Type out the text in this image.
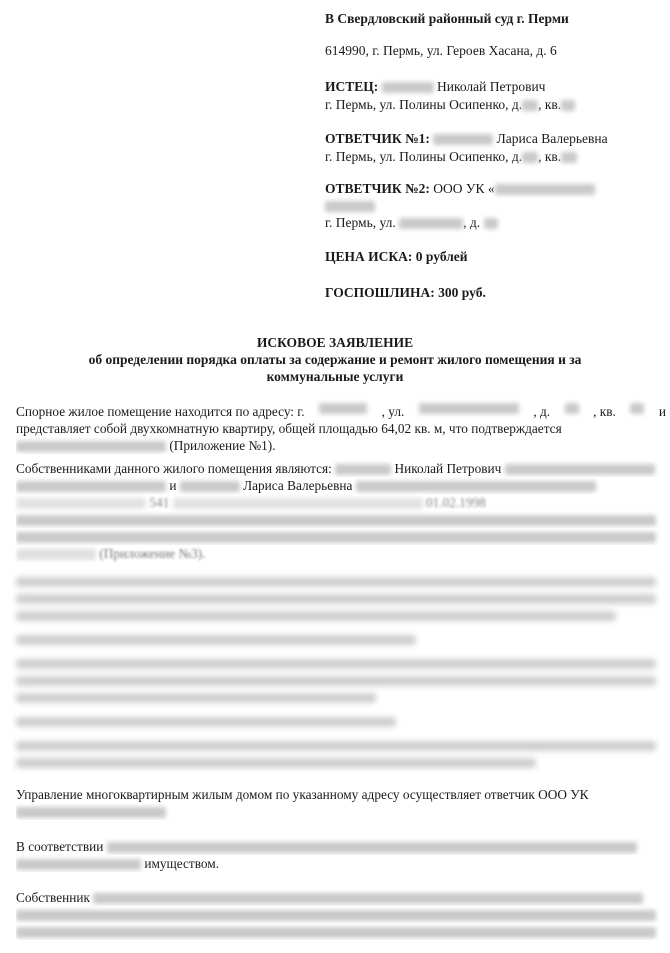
В Свердловский районный суд г. Перми
614990, г. Пермь, ул. Героев Хасана, д. 6
ИСТЕЦ:	Николай Петрович
г. Пермь, ул. Полины Осипенко, д. , кв.
ОТВЕТЧИК №1:	Лариса Валерьевна
г. Пермь, ул. Полины Осипенко, д. , кв.
ОТВЕТЧИК №2: ООО УК «
г. Пермь, ул.	, д.
ЦЕНА ИСКА: 0 рублей
ГОСПОШЛИНА: 300 руб.
ИСКОВОЕ ЗАЯВЛЕНИЕ
об определении порядка оплаты за содержание и ремонт жилого помещения и за
коммунальные услуги
Спорное жилое помещение находится по адресу: г.	, ул.	, д.	, кв.	и
представляет собой двухкомнатную квартиру, общей площадью 64,02 кв. м, что подтверждается
(Приложение №1).
Собственниками данного жилого помещения являются:	Николай Петрович
и	Лариса Валерьевна
541	01.02.1998
(Приложение №3).
Управление многоквартирным жилым домом по указанному адресу осуществляет ответчик ООО УК
В соответствии
имуществом.
Собственник
